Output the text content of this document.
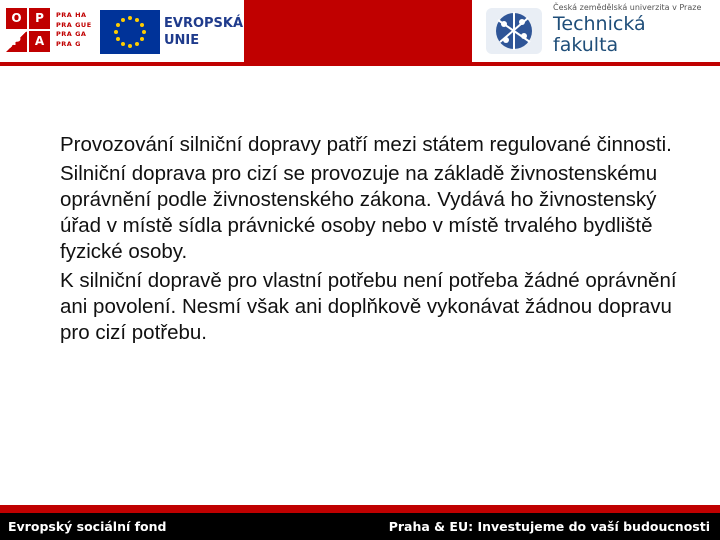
O	P
P	A
PRA HA
PRA GUE
PRA GA
PRA G
EVROPSKÁ
UNIE
Česká zemědělská univerzita v Praze
Technická
fakulta

Provozování silniční dopravy patří mezi státem regulované činnosti.

Silniční doprava pro cizí se provozuje na základě živnostenskému oprávnění podle živnostenského zákona. Vydává ho živnostenský úřad v místě sídla právnické osoby nebo v místě trvalého bydliště fyzické osoby.

K silniční dopravě pro vlastní potřebu není potřeba žádné oprávnění ani povolení. Nesmí však ani doplňkově vykonávat žádnou dopravu pro cizí potřebu.

Evropský sociální fond	Praha & EU: Investujeme do vaší budoucnosti
